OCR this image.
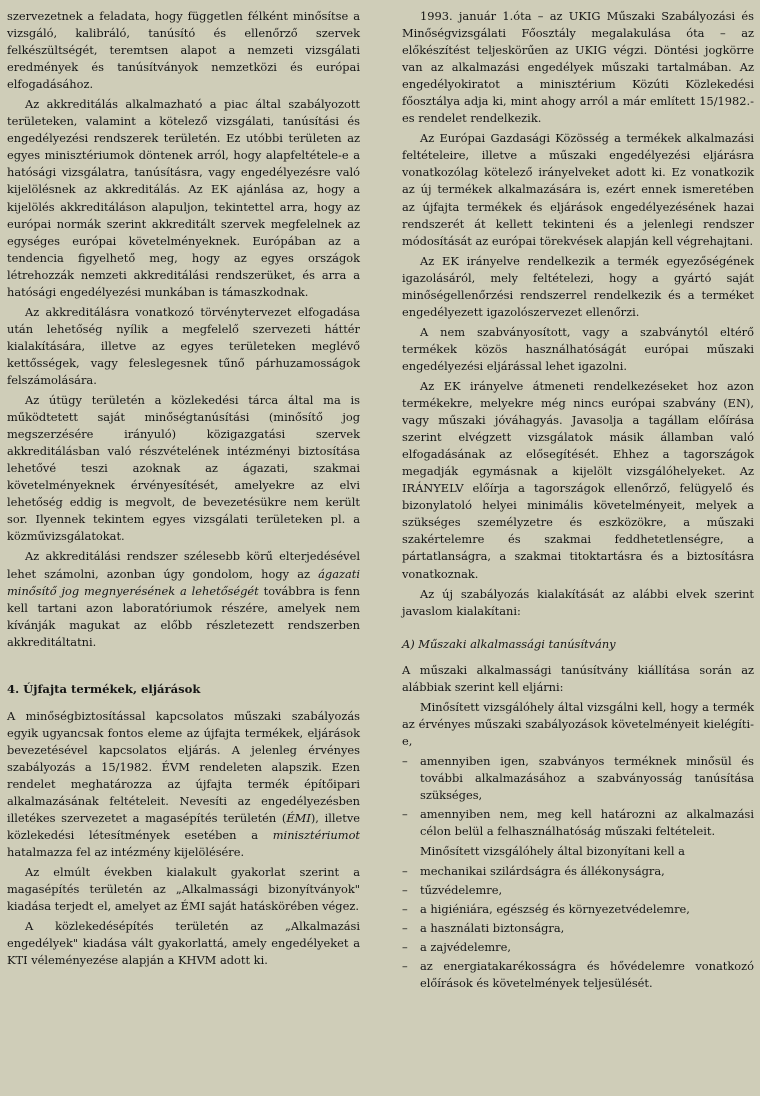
szervezetnek a feladata, hogy független félként minősítse a vizsgáló, kalibráló, tanúsító és ellenőrző szervek felkészültségét, teremtsen alapot a nemzeti vizsgálati eredmények és tanúsítványok nemzetközi és európai elfogadásához.

Az akkreditálás alkalmazható a piac által szabályozott területeken, valamint a kötelező vizsgálati, tanúsítási és engedélyezési rendszerek területén. Ez utóbbi területen az egyes minisztériumok döntenek arról, hogy alapfeltétele-e a hatósági vizsgálatra, tanúsításra, vagy engedélyezésre való kijelölésnek az akkreditálás. Az EK ajánlása az, hogy a kijelölés akkreditáláson alapuljon, tekintettel arra, hogy az európai normák szerint akkreditált szervek megfelelnek az egységes európai követelményeknek. Európában az a tendencia figyelhető meg, hogy az egyes országok létrehozzák nemzeti akkreditálási rendszerüket, és arra a hatósági engedélyezési munkában is támaszkodnak.

Az akkreditálásra vonatkozó törvénytervezet elfogadása után lehetőség nyílik a megfelelő szervezeti háttér kialakítására, illetve az egyes területeken meglévő kettősségek, vagy feleslegesnek tűnő párhuzamosságok felszámolására.

Az útügy területén a közlekedési tárca által ma is működtetett saját minőségtanúsítási (minősítő jog megszerzésére irányuló) közigazgatási szervek akkreditálásban való részvételének intézményi biztosítása lehetővé teszi azoknak az ágazati, szakmai követelményeknek érvényesítését, amelyekre az elvi lehetőség eddig is megvolt, de bevezetésükre nem került sor. Ilyennek tekintem egyes vizsgálati területeken pl. a közművizsgálatokat.

Az akkreditálási rendszer szélesebb körű elterjedésével lehet számolni, azonban úgy gondolom, hogy az ágazati minősítő jog megnyerésének a lehetőségét továbbra is fenn kell tartani azon laboratóriumok részére, amelyek nem kívánják magukat az előbb részletezett rendszerben akkreditáltatni.

4. Újfajta termékek, eljárások

A minőségbiztosítással kapcsolatos műszaki szabályozás egyik ugyancsak fontos eleme az újfajta termékek, eljárások bevezetésével kapcsolatos eljárás. A jelenleg érvényes szabályozás a 15/1982. ÉVM rendeleten alapszik. Ezen rendelet meghatározza az újfajta termék építőipari alkalmazásának feltételeit. Nevesíti az engedélyezésben illetékes szervezetet a magasépítés területén (ÉMI), illetve közlekedési létesítmények esetében a minisztériumot hatalmazza fel az intézmény kijelölésére.

Az elmúlt években kialakult gyakorlat szerint a magasépítés területén az „Alkalmassági bizonyítványok" kiadása terjedt el, amelyet az ÉMI saját hatáskörében végez.

A közlekedésépítés területén az „Alkalmazási engedélyek" kiadása vált gyakorlattá, amely engedélyeket a KTI véleményezése alapján a KHVM adott ki.

1993. január 1.óta – az UKIG Műszaki Szabályozási és Minőségvizsgálati Főosztály megalakulása óta – az előkészítést teljeskörűen az UKIG végzi. Döntési jogkörre van az alkalmazási engedélyek műszaki tartalmában. Az engedélyokiratot a minisztérium Közúti Közlekedési főosztálya adja ki, mint ahogy arról a már említett 15/1982.-es rendelet rendelkezik.

Az Európai Gazdasági Közösség a termékek alkalmazási feltételeire, illetve a műszaki engedélyezési eljárásra vonatkozólag kötelező irányelveket adott ki. Ez vonatkozik az új termékek alkalmazására is, ezért ennek ismeretében az újfajta termékek és eljárások engedélyezésének hazai rendszerét át kellett tekinteni és a jelenlegi rendszer módosítását az európai törekvések alapján kell végrehajtani.

Az EK irányelve rendelkezik a termék egyezőségének igazolásáról, mely feltételezi, hogy a gyártó saját minőségellenőrzési rendszerrel rendelkezik és a terméket engedélyezett igazolószervezet ellenőrzi.

A nem szabványosított, vagy a szabványtól eltérő termékek közös használhatóságát európai műszaki engedélyezési eljárással lehet igazolni.

Az EK irányelve átmeneti rendelkezéseket hoz azon termékekre, melyekre még nincs európai szabvány (EN), vagy műszaki jóváhagyás. Javasolja a tagállam előírása szerint elvégzett vizsgálatok másik államban való elfogadásának az elősegítését. Ehhez a tagországok megadják egymásnak a kijelölt vizsgálóhelyeket. Az IRÁNYELV előírja a tagországok ellenőrző, felügyelő és bizonylatoló helyei minimális követelményeit, melyek a szükséges személyzetre és eszközökre, a műszaki szakértelemre és szakmai feddhetetlenségre, a pártatlanságra, a szakmai titoktartásra és a biztosításra vonatkoznak.

Az új szabályozás kialakítását az alábbi elvek szerint javaslom kialakítani:

A) Műszaki alkalmassági tanúsítvány

A műszaki alkalmassági tanúsítvány kiállítása során az alábbiak szerint kell eljárni:

Minősített vizsgálóhely által vizsgálni kell, hogy a termék az érvényes műszaki szabályozások követelményeit kielégíti-e,

– amennyiben igen, szabványos terméknek minősül és további alkalmazásához a szabványosság tanúsítása szükséges,
– amennyiben nem, meg kell határozni az alkalmazási célon belül a felhasználhatóság műszaki feltételeit.

Minősített vizsgálóhely által bizonyítani kell a

– mechanikai szilárdságra és állékonyságra,
– tűzvédelemre,
– a higiéniára, egészség és környezetvédelemre,
– a használati biztonságra,
– a zajvédelemre,
– az energiatakarékosságra és hővédelemre vonatkozó előírások és követelmények teljesülését.
